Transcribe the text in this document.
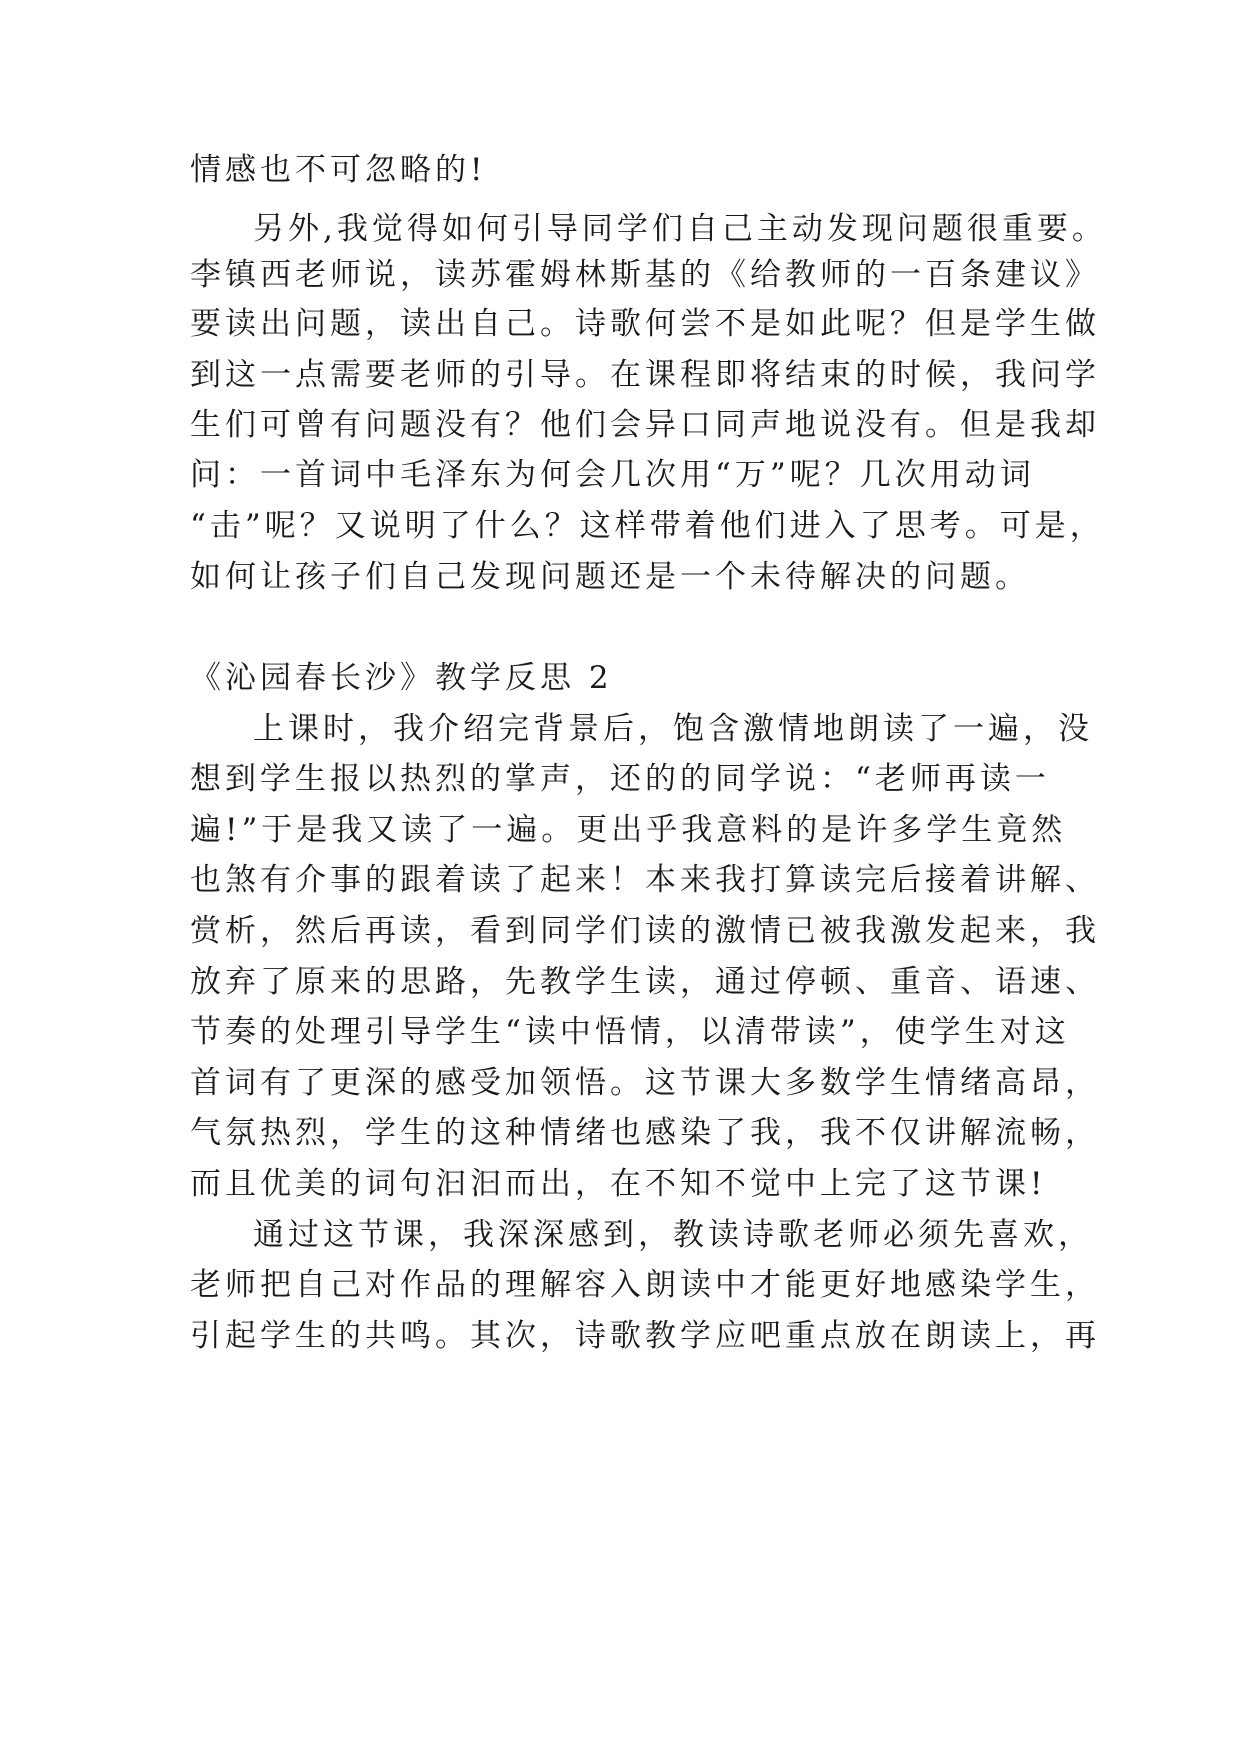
情感也不可忽略的!
另外,我觉得如何引导同学们自己主动发现问题很重要。
李镇西老师说，读苏霍姆林斯基的《给教师的一百条建议》
要读出问题，读出自己。诗歌何尝不是如此呢？但是学生做
到这一点需要老师的引导。在课程即将结束的时候，我问学
生们可曾有问题没有？他们会异口同声地说没有。但是我却
问：一首词中毛泽东为何会几次用“万”呢？几次用动词
“击”呢？又说明了什么？这样带着他们进入了思考。可是，
如何让孩子们自己发现问题还是一个未待解决的问题。
《沁园春长沙》教学反思 2
上课时，我介绍完背景后，饱含激情地朗读了一遍，没
想到学生报以热烈的掌声，还的的同学说：“老师再读一
遍!”于是我又读了一遍。更出乎我意料的是许多学生竟然
也煞有介事的跟着读了起来！本来我打算读完后接着讲解、
赏析，然后再读，看到同学们读的激情已被我激发起来，我
放弃了原来的思路，先教学生读，通过停顿、重音、语速、
节奏的处理引导学生“读中悟情，以清带读”，使学生对这
首词有了更深的感受加领悟。这节课大多数学生情绪高昂，
气氛热烈，学生的这种情绪也感染了我，我不仅讲解流畅，
而且优美的词句汩汩而出，在不知不觉中上完了这节课!
通过这节课，我深深感到，教读诗歌老师必须先喜欢，
老师把自己对作品的理解容入朗读中才能更好地感染学生，
引起学生的共鸣。其次，诗歌教学应吧重点放在朗读上，再
